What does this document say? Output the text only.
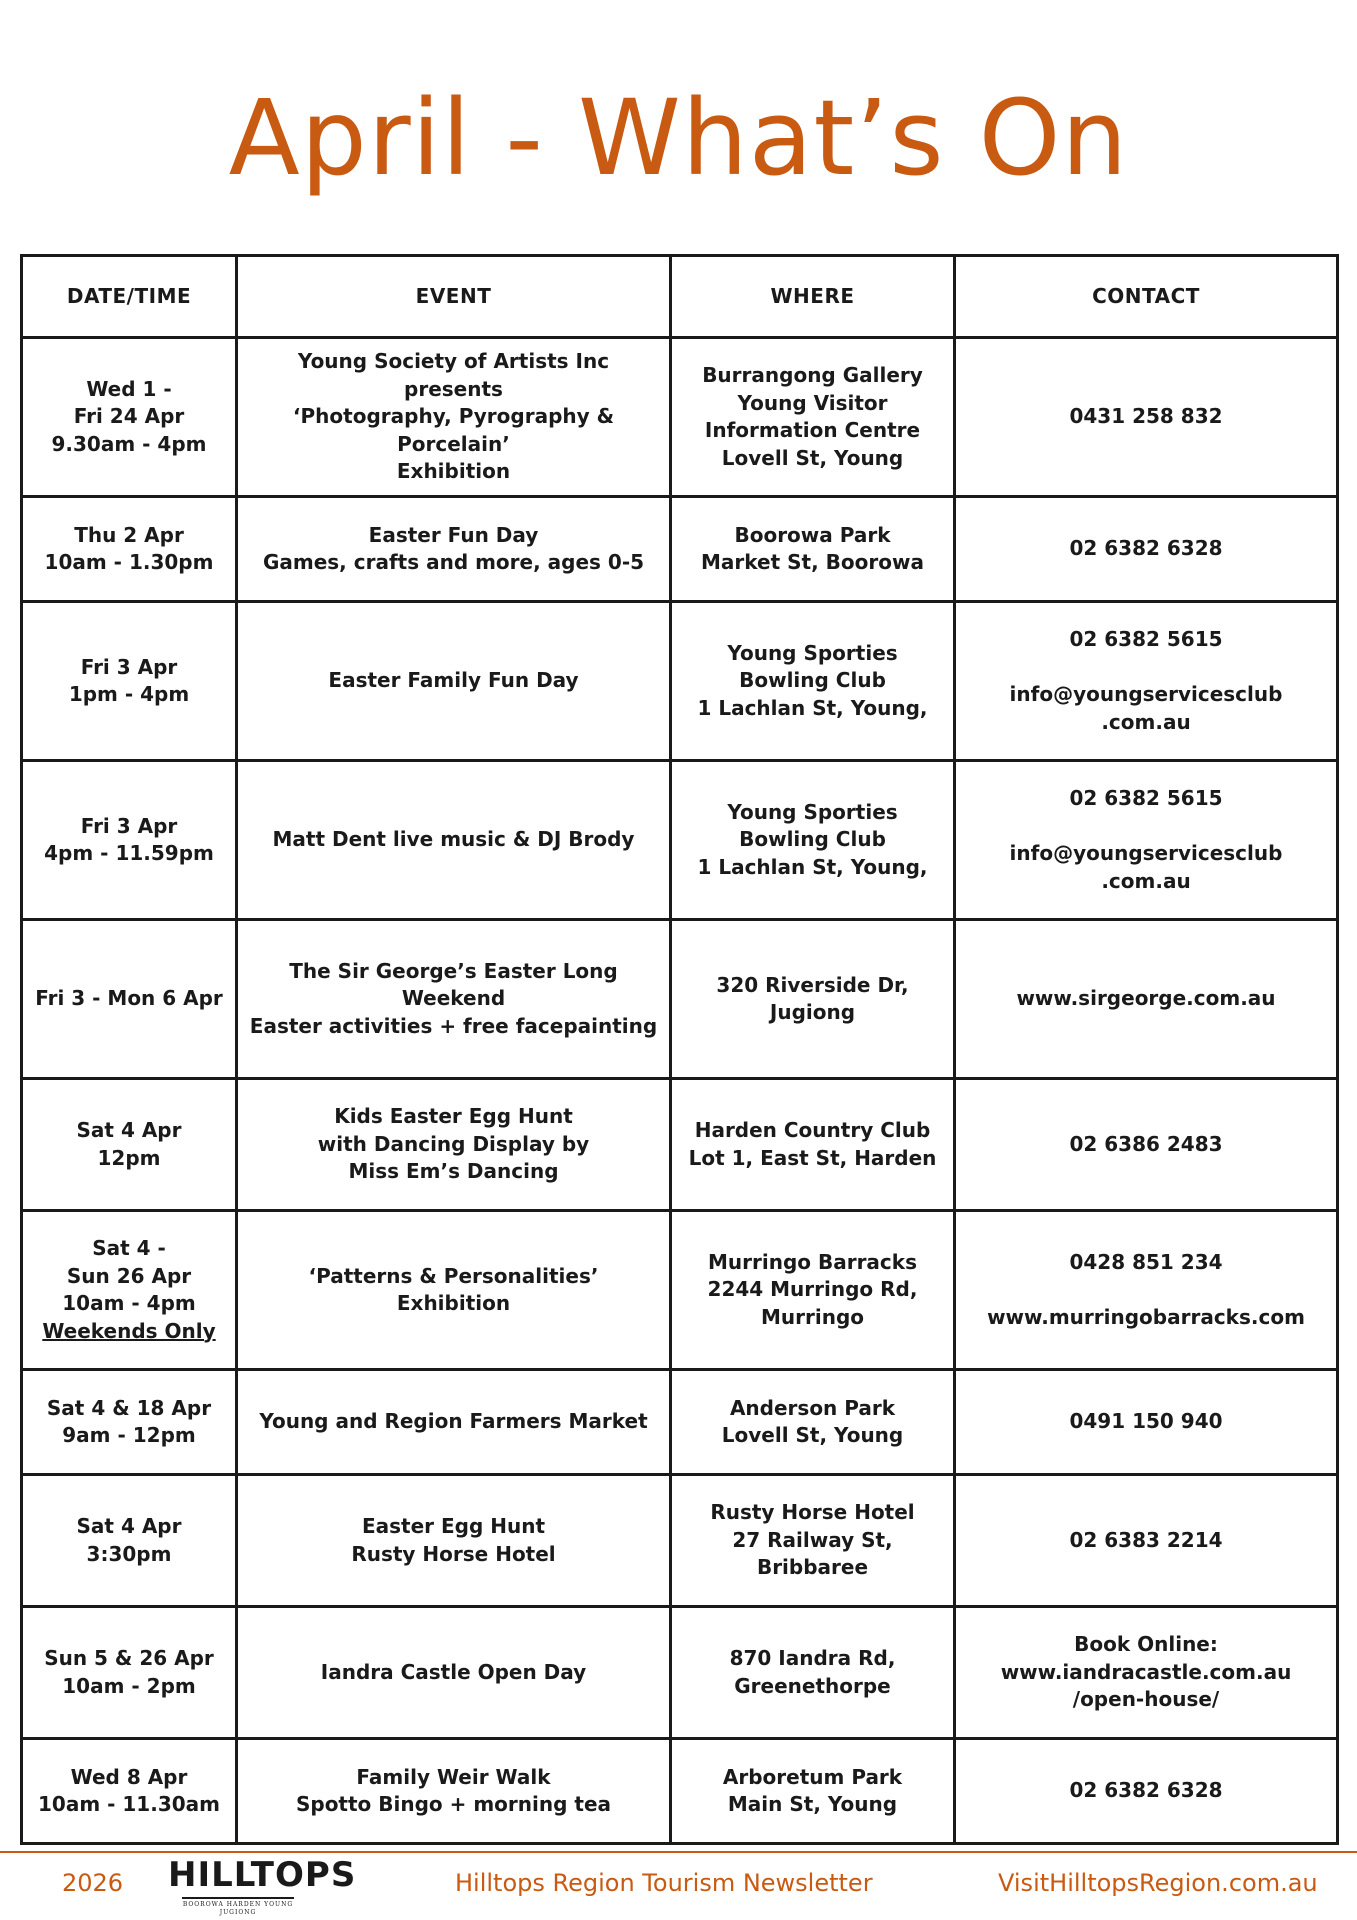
April - What’s On
DATE/TIME	EVENT	WHERE	CONTACT
Wed 1 -
Fri 24 Apr
9.30am - 4pm	Young Society of Artists Inc presents
‘Photography, Pyrography & Porcelain’
Exhibition	Burrangong Gallery
Young Visitor
Information Centre
Lovell St, Young	0431 258 832
Thu 2 Apr
10am - 1.30pm	Easter Fun Day
Games, crafts and more, ages 0-5	Boorowa Park
Market St, Boorowa	02 6382 6328
Fri 3 Apr
1pm - 4pm	Easter Family Fun Day	Young Sporties
Bowling Club
1 Lachlan St, Young,	02 6382 5615

info@youngservicesclub
.com.au
Fri 3 Apr
4pm - 11.59pm	Matt Dent live music & DJ Brody	Young Sporties
Bowling Club
1 Lachlan St, Young,	02 6382 5615

info@youngservicesclub
.com.au
Fri 3 - Mon 6 Apr	The Sir George’s Easter Long Weekend
Easter activities + free facepainting	320 Riverside Dr,
Jugiong	www.sirgeorge.com.au
Sat 4 Apr
12pm	Kids Easter Egg Hunt
with Dancing Display by
Miss Em’s Dancing	Harden Country Club
Lot 1, East St, Harden	02 6386 2483
Sat 4 -
Sun 26 Apr
10am - 4pm
Weekends Only	‘Patterns & Personalities’
Exhibition	Murringo Barracks
2244 Murringo Rd,
Murringo	0428 851 234

www.murringobarracks.com
Sat 4 & 18 Apr
9am - 12pm	Young and Region Farmers Market	Anderson Park
Lovell St, Young	0491 150 940
Sat 4 Apr
3:30pm	Easter Egg Hunt
Rusty Horse Hotel	Rusty Horse Hotel
27 Railway St,
Bribbaree	02 6383 2214
Sun 5 & 26 Apr
10am - 2pm	Iandra Castle Open Day	870 Iandra Rd,
Greenethorpe	Book Online:
www.iandracastle.com.au
/open-house/
Wed 8 Apr
10am - 11.30am	Family Weir Walk
Spotto Bingo + morning tea	Arboretum Park
Main St, Young	02 6382 6328
2026 HILLTOPS
BOOROWA HARDEN YOUNG JUGIONG
Hilltops Region Tourism Newsletter	VisitHilltopsRegion.com.au
